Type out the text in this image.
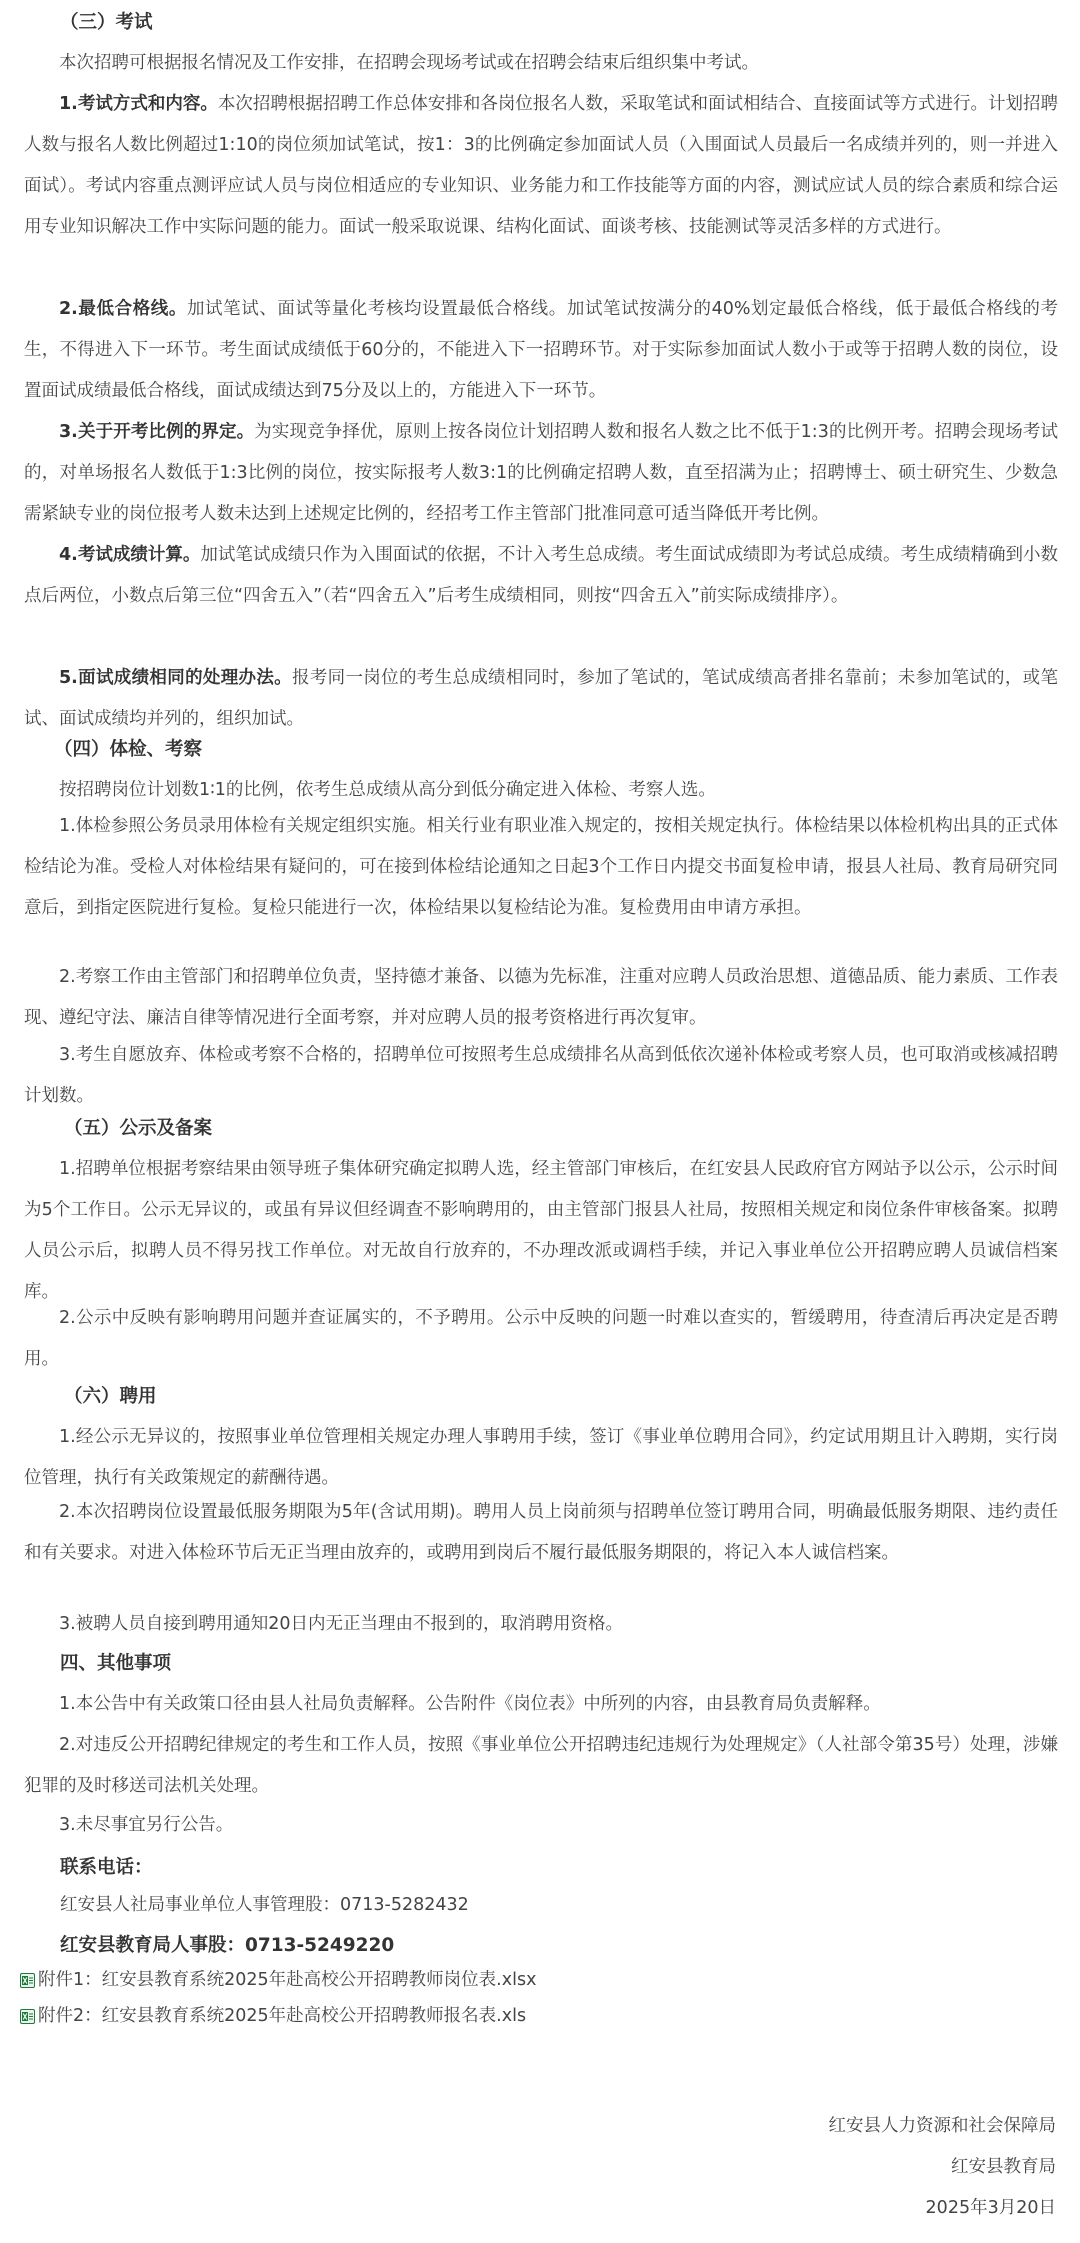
（三）考试
本次招聘可根据报名情况及工作安排，在招聘会现场考试或在招聘会结束后组织集中考试。
1.考试方式和内容。本次招聘根据招聘工作总体安排和各岗位报名人数，采取笔试和面试相结合、直接面试等方式进行。计划招聘人数与报名人数比例超过1:10的岗位须加试笔试，按1：3的比例确定参加面试人员（入围面试人员最后一名成绩并列的，则一并进入面试）。考试内容重点测评应试人员与岗位相适应的专业知识、业务能力和工作技能等方面的内容，测试应试人员的综合素质和综合运用专业知识解决工作中实际问题的能力。面试一般采取说课、结构化面试、面谈考核、技能测试等灵活多样的方式进行。
2.最低合格线。加试笔试、面试等量化考核均设置最低合格线。加试笔试按满分的40%划定最低合格线，低于最低合格线的考生，不得进入下一环节。考生面试成绩低于60分的，不能进入下一招聘环节。对于实际参加面试人数小于或等于招聘人数的岗位，设置面试成绩最低合格线，面试成绩达到75分及以上的，方能进入下一环节。
3.关于开考比例的界定。为实现竞争择优，原则上按各岗位计划招聘人数和报名人数之比不低于1:3的比例开考。招聘会现场考试的，对单场报名人数低于1:3比例的岗位，按实际报考人数3:1的比例确定招聘人数，直至招满为止；招聘博士、硕士研究生、少数急需紧缺专业的岗位报考人数未达到上述规定比例的，经招考工作主管部门批准同意可适当降低开考比例。
4.考试成绩计算。加试笔试成绩只作为入围面试的依据，不计入考生总成绩。考生面试成绩即为考试总成绩。考生成绩精确到小数点后两位，小数点后第三位“四舍五入”（若“四舍五入”后考生成绩相同，则按“四舍五入”前实际成绩排序）。
5.面试成绩相同的处理办法。报考同一岗位的考生总成绩相同时，参加了笔试的，笔试成绩高者排名靠前；未参加笔试的，或笔试、面试成绩均并列的，组织加试。
（四）体检、考察
按招聘岗位计划数1∶1的比例，依考生总成绩从高分到低分确定进入体检、考察人选。
1.体检参照公务员录用体检有关规定组织实施。相关行业有职业准入规定的，按相关规定执行。体检结果以体检机构出具的正式体检结论为准。受检人对体检结果有疑问的，可在接到体检结论通知之日起3个工作日内提交书面复检申请，报县人社局、教育局研究同意后，到指定医院进行复检。复检只能进行一次，体检结果以复检结论为准。复检费用由申请方承担。
2.考察工作由主管部门和招聘单位负责，坚持德才兼备、以德为先标准，注重对应聘人员政治思想、道德品质、能力素质、工作表现、遵纪守法、廉洁自律等情况进行全面考察，并对应聘人员的报考资格进行再次复审。
3.考生自愿放弃、体检或考察不合格的，招聘单位可按照考生总成绩排名从高到低依次递补体检或考察人员，也可取消或核减招聘计划数。
（五）公示及备案
1.招聘单位根据考察结果由领导班子集体研究确定拟聘人选，经主管部门审核后，在红安县人民政府官方网站予以公示，公示时间为5个工作日。公示无异议的，或虽有异议但经调查不影响聘用的，由主管部门报县人社局，按照相关规定和岗位条件审核备案。拟聘人员公示后，拟聘人员不得另找工作单位。对无故自行放弃的，不办理改派或调档手续，并记入事业单位公开招聘应聘人员诚信档案库。
2.公示中反映有影响聘用问题并查证属实的，不予聘用。公示中反映的问题一时难以查实的，暂缓聘用，待查清后再决定是否聘用。
（六）聘用
1.经公示无异议的，按照事业单位管理相关规定办理人事聘用手续，签订《事业单位聘用合同》，约定试用期且计入聘期，实行岗位管理，执行有关政策规定的薪酬待遇。
2.本次招聘岗位设置最低服务期限为5年(含试用期)。聘用人员上岗前须与招聘单位签订聘用合同，明确最低服务期限、违约责任和有关要求。对进入体检环节后无正当理由放弃的，或聘用到岗后不履行最低服务期限的，将记入本人诚信档案。
3.被聘人员自接到聘用通知20日内无正当理由不报到的，取消聘用资格。
四、其他事项
1.本公告中有关政策口径由县人社局负责解释。公告附件《岗位表》中所列的内容，由县教育局负责解释。
2.对违反公开招聘纪律规定的考生和工作人员，按照《事业单位公开招聘违纪违规行为处理规定》（人社部令第35号）处理，涉嫌犯罪的及时移送司法机关处理。
3.未尽事宜另行公告。
联系电话：
红安县人社局事业单位人事管理股：0713-5282432
红安县教育局人事股：0713-5249220
附件1：红安县教育系统2025年赴高校公开招聘教师岗位表.xlsx
附件2：红安县教育系统2025年赴高校公开招聘教师报名表.xls
红安县人力资源和社会保障局
红安县教育局
2025年3月20日
